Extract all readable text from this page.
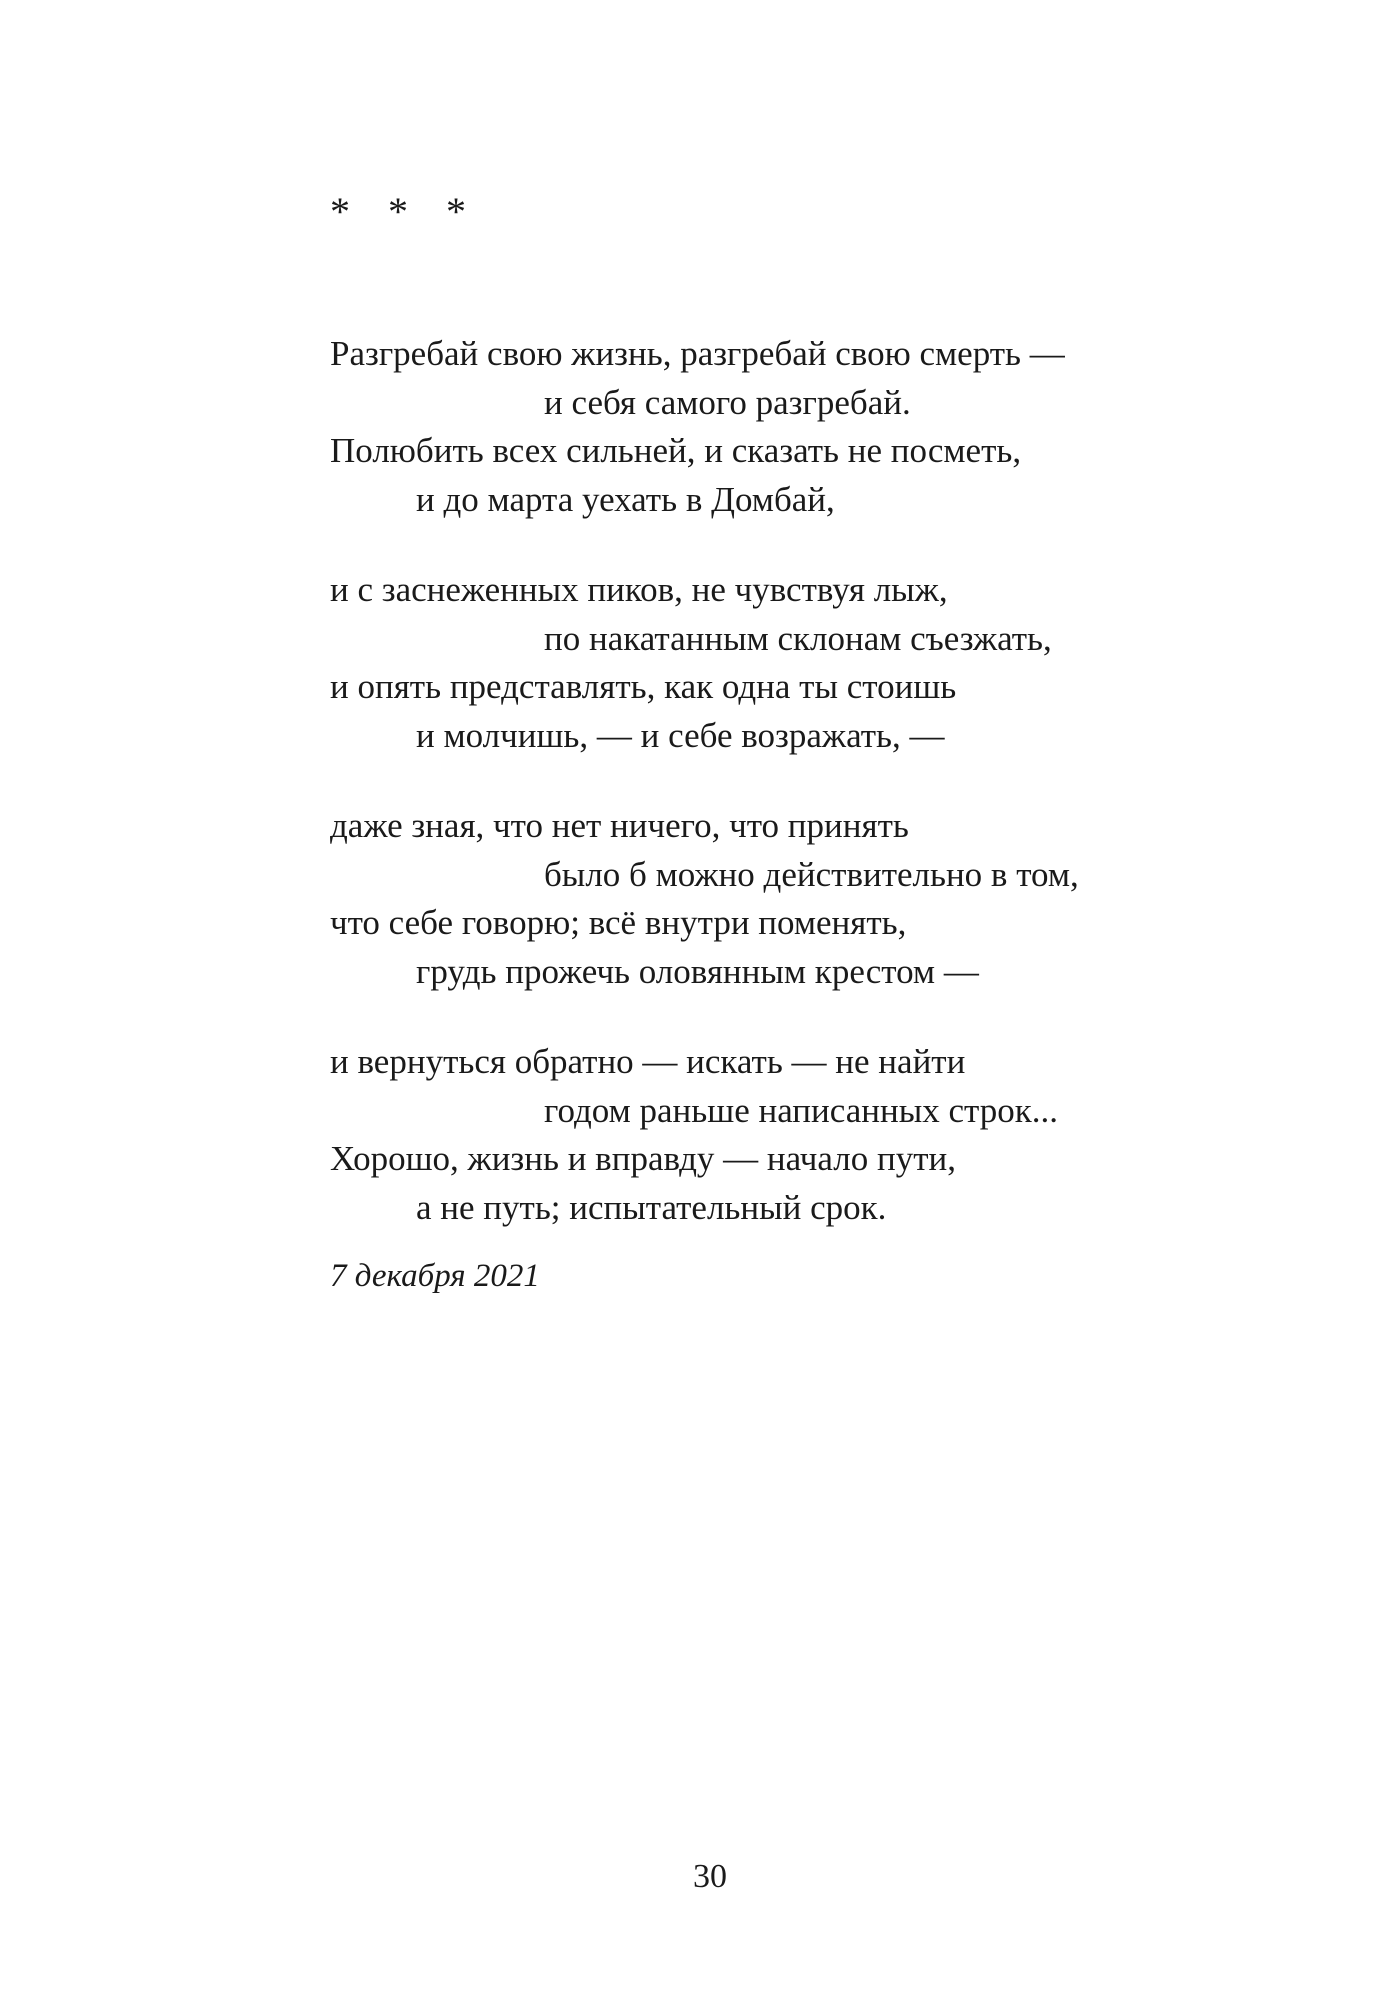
* * *
Разгребай свою жизнь, разгребай свою смерть —
и себя самого разгребай.
Полюбить всех сильней, и сказать не посметь,
и до марта уехать в Домбай,
и с заснеженных пиков, не чувствуя лыж,
по накатанным склонам съезжать,
и опять представлять, как одна ты стоишь
и молчишь, — и себе возражать, —
даже зная, что нет ничего, что принять
было б можно действительно в том,
что себе говорю; всё внутри поменять,
грудь прожечь оловянным крестом —
и вернуться обратно — искать — не найти
годом раньше написанных строк...
Хорошо, жизнь и вправду — начало пути,
а не путь; испытательный срок.
7 декабря 2021
30
